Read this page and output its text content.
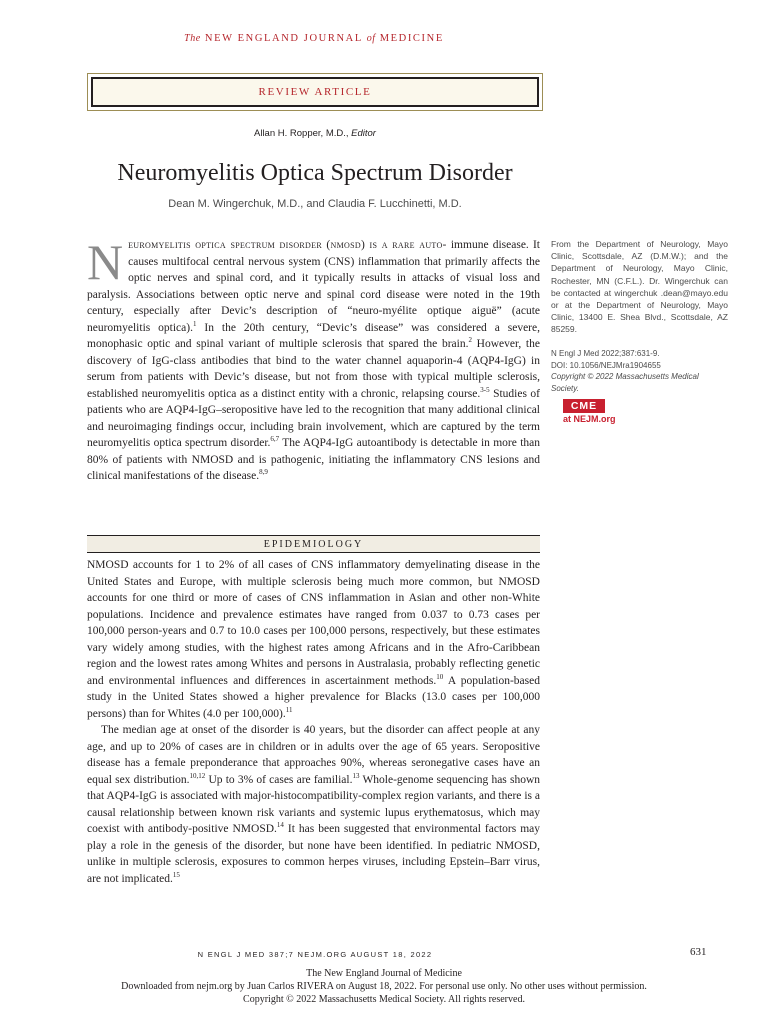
The NEW ENGLAND JOURNAL of MEDICINE
REVIEW ARTICLE
Allan H. Ropper, M.D., Editor
Neuromyelitis Optica Spectrum Disorder
Dean M. Wingerchuk, M.D., and Claudia F. Lucchinetti, M.D.
N euromyelitis optica spectrum disorder (nmosd) is a rare auto- immune disease. It causes multifocal central nervous system (CNS) inflammation that primarily affects the optic nerves and spinal cord, and it typically results in attacks of visual loss and paralysis. Associations between optic nerve and spinal cord disease were noted in the 19th century, especially after Devic’s description of “neuro-myélite optique aiguë” (acute neuromyelitis optica).$^1$ In the 20th century, “Devic’s disease” was considered a severe, monophasic optic and spinal variant of multiple sclerosis that spared the brain.$^2$ However, the discovery of IgG-class antibodies that bind to the water channel aquaporin-4 (AQP4-IgG) in serum from patients with Devic’s disease, but not from those with typical multiple sclerosis, established neuromyelitis optica as a distinct entity with a chronic, relapsing course.$^{3-5}$ Studies of patients who are AQP4-IgG–seropositive have led to the recognition that many additional clinical and neuroimaging findings occur, including brain involvement, which are captured by the term neuromyelitis optica spectrum disorder.$^{6,7}$ The AQP4-IgG autoantibody is detectable in more than 80% of patients with NMOSD and is pathogenic, initiating the inflammatory CNS lesions and clinical manifestations of the disease.$^{8,9}$
EPIDEMIOLOGY

NMOSD accounts for 1 to 2% of all cases of CNS inflammatory demyelinating disease in the United States and Europe, with multiple sclerosis being much more common, but NMOSD accounts for one third or more of cases of CNS inflammation in Asian and other non-White populations. Incidence and prevalence estimates have ranged from 0.037 to 0.73 cases per 100,000 person-years and 0.7 to 10.0 cases per 100,000 persons, respectively, but these estimates vary widely among studies, with the highest rates among Africans and in the Afro-Caribbean region and the lowest rates among Whites and persons in Australasia, probably reflecting genetic and environmental influences and differences in ascertainment methods.$^{10}$ A population-based study in the United States showed a higher prevalence for Blacks (13.0 cases per 100,000 persons) than for Whites (4.0 per 100,000).$^{11}$

The median age at onset of the disorder is 40 years, but the disorder can affect people at any age, and up to 20% of cases are in children or in adults over the age of 65 years. Seropositive disease has a female preponderance that approaches 90%, whereas seronegative cases have an equal sex distribution.$^{10,12}$ Up to 3% of cases are familial.$^{13}$ Whole-genome sequencing has shown that AQP4-IgG is associated with major-histocompatibility-complex region variants, and there is a causal relationship between known risk variants and systemic lupus erythematosus, which may coexist with antibody-positive NMOSD.$^{14}$ It has been suggested that environmental factors may play a role in the genesis of the disorder, but none have been identified. In pediatric NMOSD, unlike in multiple sclerosis, exposures to common herpes viruses, including Epstein–Barr virus, are not implicated.$^{15}$

From the Department of Neurology, Mayo Clinic, Scottsdale, AZ (D.M.W.); and the Department of Neurology, Mayo Clinic, Rochester, MN (C.F.L.). Dr. Wingerchuk can be contacted at wingerchuk .dean@mayo.edu or at the Department of Neurology, Mayo Clinic, 13400 E. Shea Blvd., Scottsdale, AZ 85259.
N Engl J Med 2022;387:631-9.
DOI: 10.1056/NEJMra1904655
Copyright © 2022 Massachusetts Medical Society.
CME
at NEJM.org
N ENGL J MED 387;7 NEJM.ORG AUGUST 18, 2022	631
The New England Journal of Medicine
Downloaded from nejm.org by Juan Carlos RIVERA on August 18, 2022. For personal use only. No other uses without permission.
Copyright © 2022 Massachusetts Medical Society. All rights reserved.
